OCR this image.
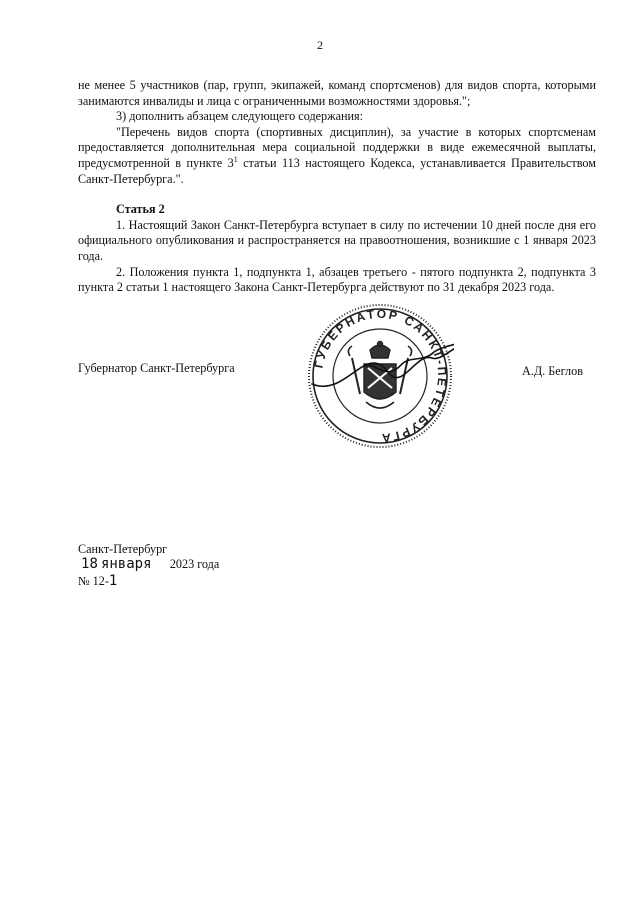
2

не менее 5 участников (пар, групп, экипажей, команд спортсменов) для видов спорта, которыми занимаются инвалиды и лица с ограниченными возможностями здоровья.";

3) дополнить абзацем следующего содержания:

"Перечень видов спорта (спортивных дисциплин), за участие в которых спортсменам предоставляется дополнительная мера социальной поддержки в виде ежемесячной выплаты, предусмотренной в пункте $3^1$ статьи 113 настоящего Кодекса, устанавливается Правительством Санкт-Петербурга.".

Статья 2

1. Настоящий Закон Санкт-Петербурга вступает в силу по истечении 10 дней после дня его официального опубликования и распространяется на правоотношения, возникшие с 1 января 2023 года.

2. Положения пункта 1, подпункта 1, абзацев третьего - пятого подпункта 2, подпункта 3 пункта 2 статьи 1 настоящего Закона Санкт-Петербурга действуют по 31 декабря 2023 года.

Губернатор Санкт-Петербурга	ГУБЕРНАТОР САНКТ-ПЕТЕРБУРГА
А.Д. Беглов
Санкт-Петербург
18 января 2023 года
№ 12-1
